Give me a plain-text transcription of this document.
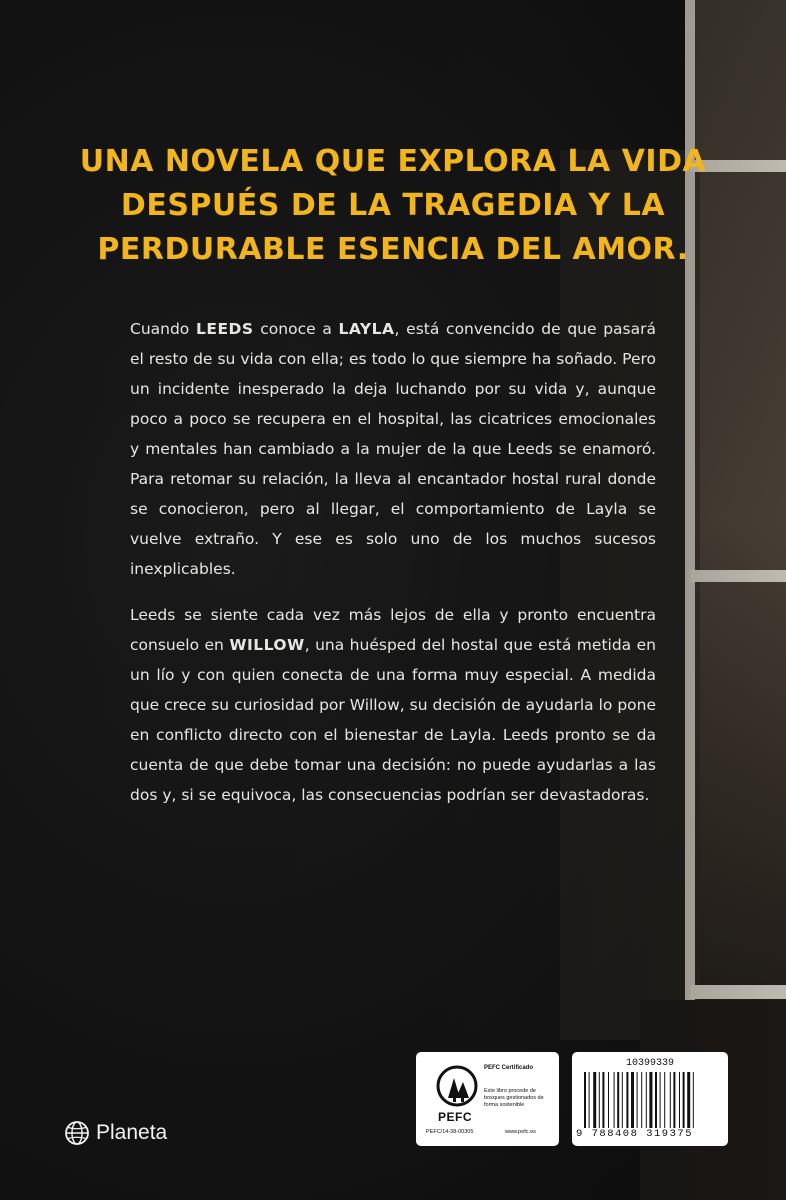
UNA NOVELA QUE EXPLORA LA VIDA
DESPUÉS DE LA TRAGEDIA Y LA
PERDURABLE ESENCIA DEL AMOR.

Cuando LEEDS conoce a LAYLA, está convencido de que pasará el resto de su vida con ella; es todo lo que siempre ha soñado. Pero un incidente inesperado la deja luchando por su vida y, aunque poco a poco se recupera en el hospital, las cicatrices emocionales y mentales han cambiado a la mujer de la que Leeds se enamoró. Para retomar su relación, la lleva al encantador hostal rural donde se conocieron, pero al llegar, el comportamiento de Layla se vuelve extraño. Y ese es solo uno de los muchos sucesos inexplicables.

Leeds se siente cada vez más lejos de ella y pronto encuentra consuelo en WILLOW, una huésped del hostal que está metida en un lío y con quien conecta de una forma muy especial. A medida que crece su curiosidad por Willow, su decisión de ayudarla lo pone en conflicto directo con el bienestar de Layla. Leeds pronto se da cuenta de que debe tomar una decisión: no puede ayudarlas a las dos y, si se equivoca, las consecuencias podrían ser devastadoras.

Planeta
PEFC
PEFC Certificado
Este libro procede de bosques gestionados de forma sostenible
PEFC/14-38-00305	www.pefc.es
10399339
9 788408 319375
